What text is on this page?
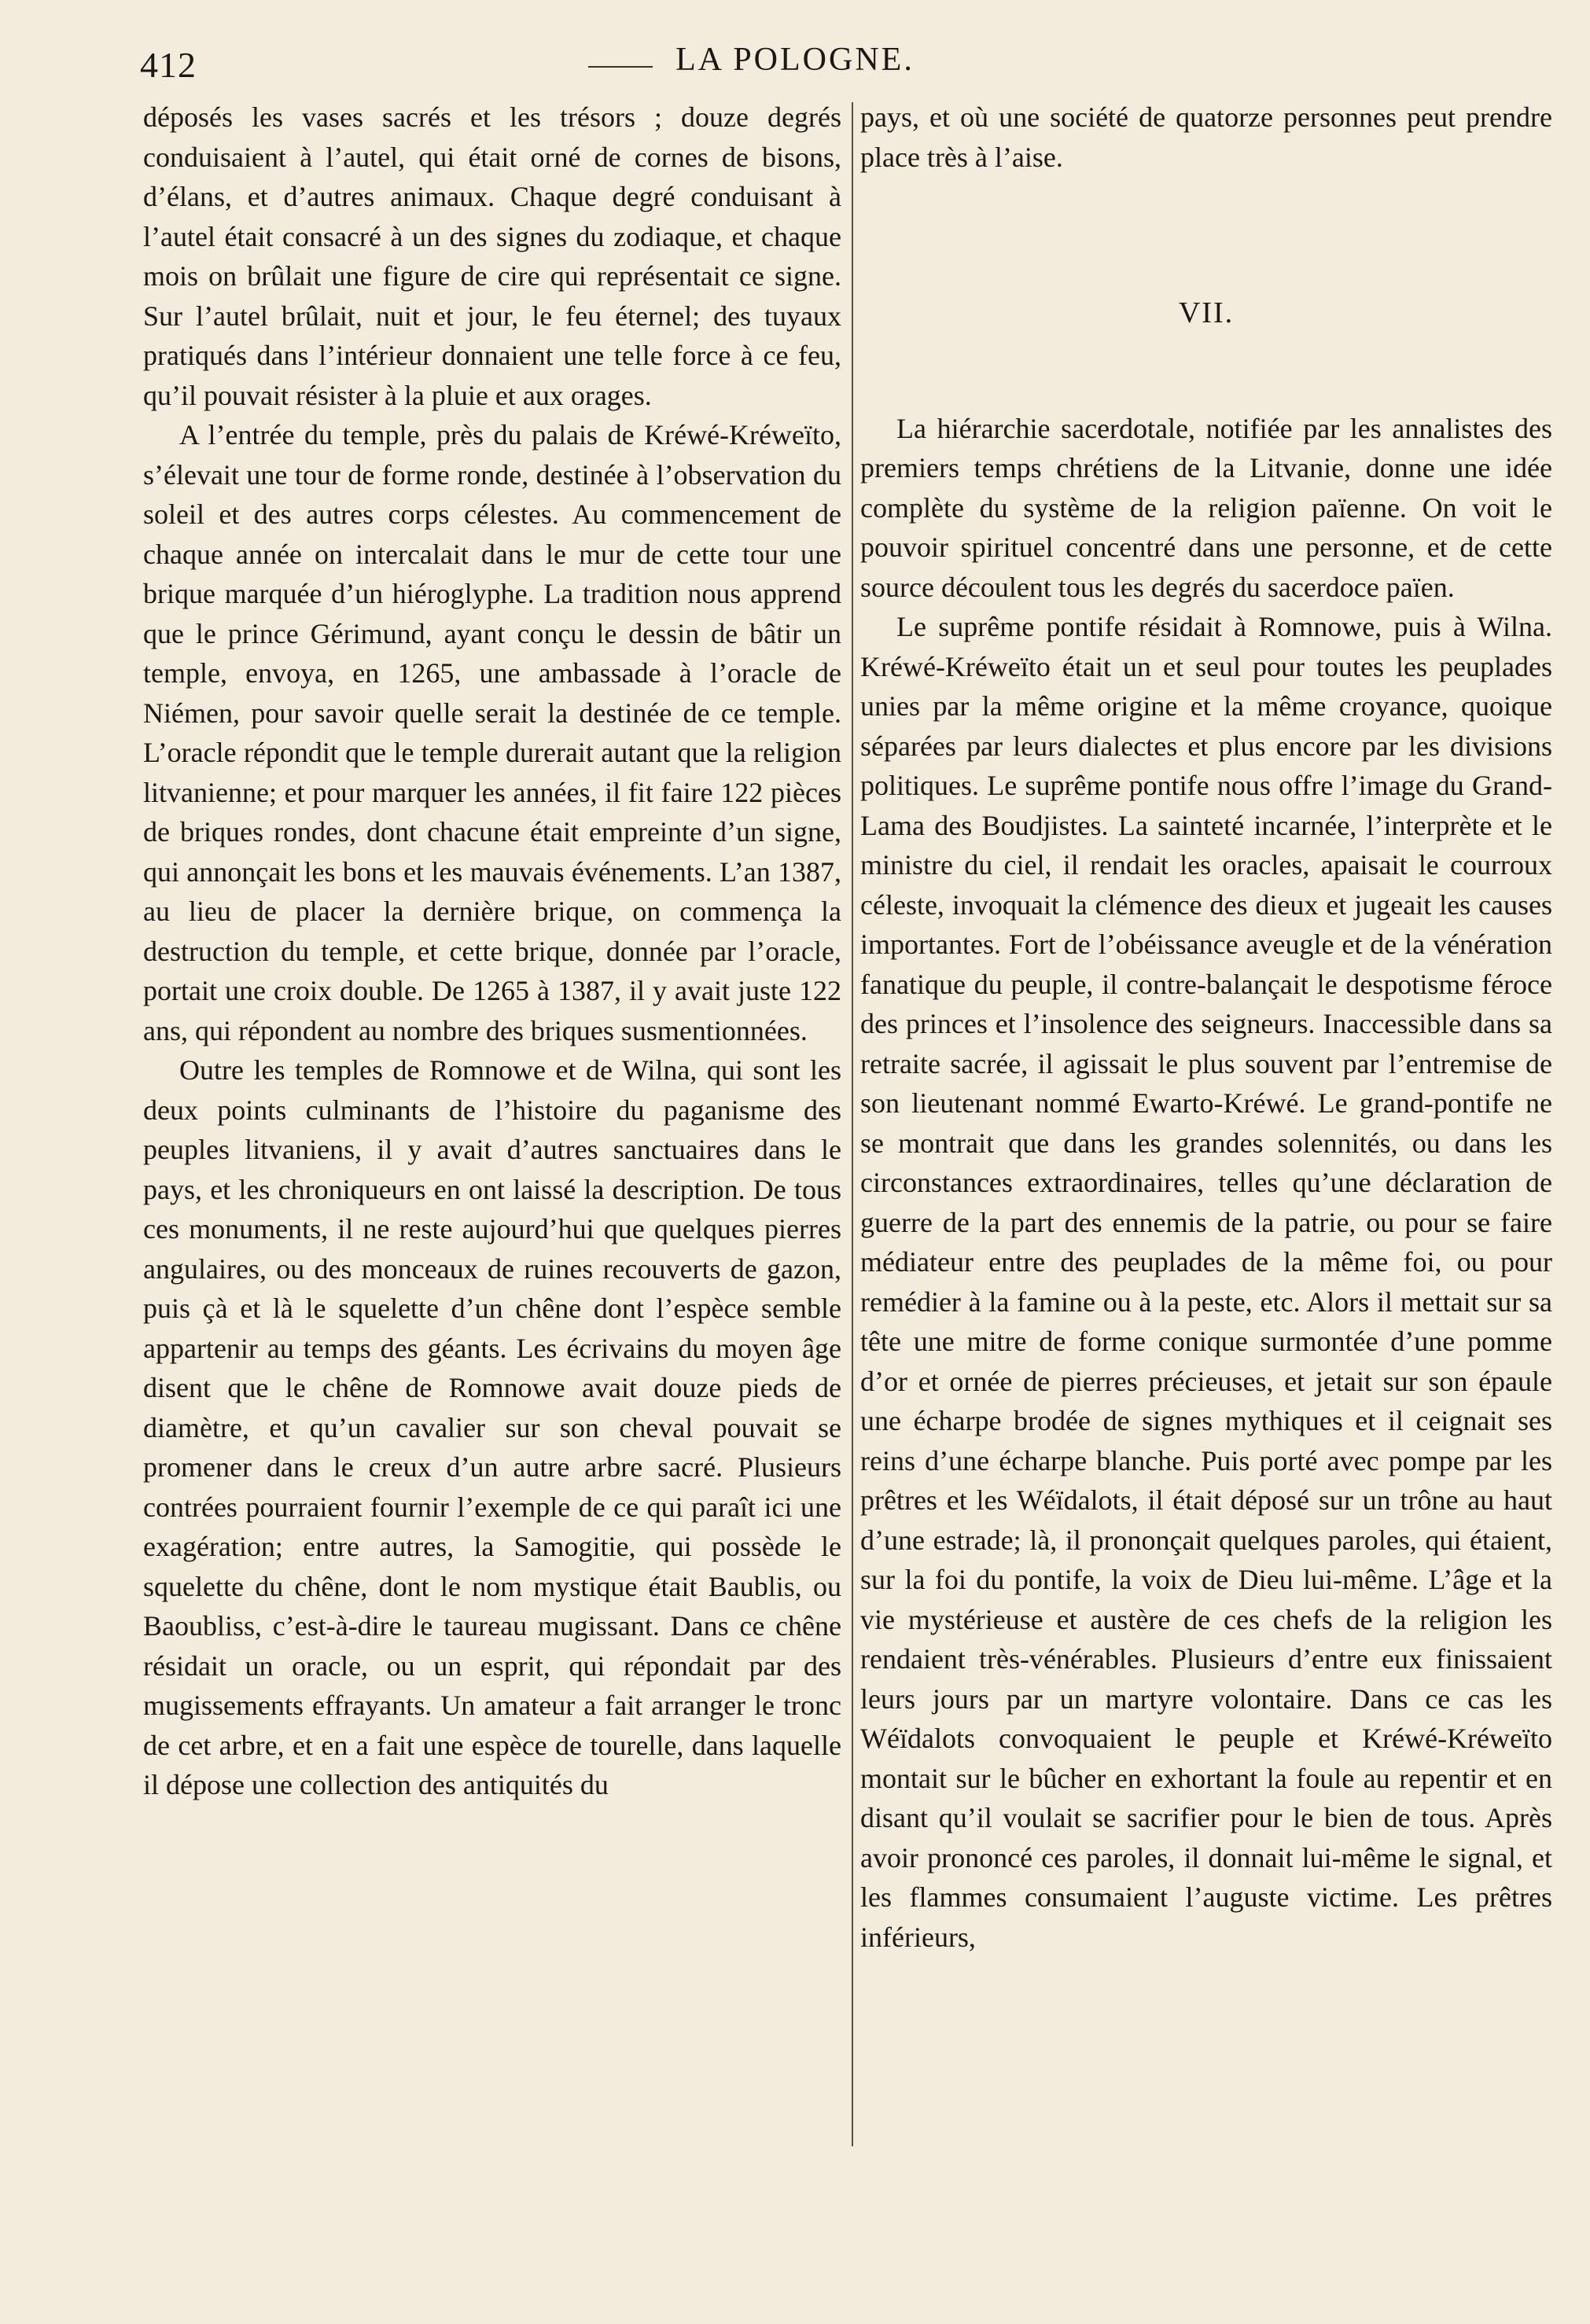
412	LA POLOGNE.

déposés les vases sacrés et les trésors ; douze degrés conduisaient à l’autel, qui était orné de cornes de bisons, d’élans, et d’autres animaux. Chaque degré conduisant à l’autel était consacré à un des signes du zodiaque, et chaque mois on brûlait une figure de cire qui représentait ce signe. Sur l’autel brûlait, nuit et jour, le feu éternel; des tuyaux pratiqués dans l’intérieur donnaient une telle force à ce feu, qu’il pouvait résister à la pluie et aux orages.

A l’entrée du temple, près du palais de Kréwé-Kréweïto, s’élevait une tour de forme ronde, destinée à l’observation du soleil et des autres corps célestes. Au commencement de chaque année on intercalait dans le mur de cette tour une brique marquée d’un hiéroglyphe. La tradition nous apprend que le prince Gérimund, ayant conçu le dessin de bâtir un temple, envoya, en 1265, une ambassade à l’oracle de Niémen, pour savoir quelle serait la destinée de ce temple. L’oracle répondit que le temple durerait autant que la religion litvanienne; et pour marquer les années, il fit faire 122 pièces de briques rondes, dont chacune était empreinte d’un signe, qui annonçait les bons et les mauvais événements. L’an 1387, au lieu de placer la dernière brique, on commença la destruction du temple, et cette brique, donnée par l’oracle, portait une croix double. De 1265 à 1387, il y avait juste 122 ans, qui répondent au nombre des briques susmentionnées.

Outre les temples de Romnowe et de Wilna, qui sont les deux points culminants de l’histoire du paganisme des peuples litvaniens, il y avait d’autres sanctuaires dans le pays, et les chroniqueurs en ont laissé la description. De tous ces monuments, il ne reste aujourd’hui que quelques pierres angulaires, ou des monceaux de ruines recouverts de gazon, puis çà et là le squelette d’un chêne dont l’espèce semble appartenir au temps des géants. Les écrivains du moyen âge disent que le chêne de Romnowe avait douze pieds de diamètre, et qu’un cavalier sur son cheval pouvait se promener dans le creux d’un autre arbre sacré. Plusieurs contrées pourraient fournir l’exemple de ce qui paraît ici une exagération; entre autres, la Samogitie, qui possède le squelette du chêne, dont le nom mystique était Baublis, ou Baoubliss, c’est-à-dire le taureau mugissant. Dans ce chêne résidait un oracle, ou un esprit, qui répondait par des mugissements effrayants. Un amateur a fait arranger le tronc de cet arbre, et en a fait une espèce de tourelle, dans laquelle il dépose une collection des antiquités du

pays, et où une société de quatorze personnes peut prendre place très à l’aise.

VII.

La hiérarchie sacerdotale, notifiée par les annalistes des premiers temps chrétiens de la Litvanie, donne une idée complète du système de la religion païenne. On voit le pouvoir spirituel concentré dans une personne, et de cette source découlent tous les degrés du sacerdoce païen.

Le suprême pontife résidait à Romnowe, puis à Wilna. Kréwé-Kréweïto était un et seul pour toutes les peuplades unies par la même origine et la même croyance, quoique séparées par leurs dialectes et plus encore par les divisions politiques. Le suprême pontife nous offre l’image du Grand-Lama des Boudjistes. La sainteté incarnée, l’interprète et le ministre du ciel, il rendait les oracles, apaisait le courroux céleste, invoquait la clémence des dieux et jugeait les causes importantes. Fort de l’obéissance aveugle et de la vénération fanatique du peuple, il contre-balançait le despotisme féroce des princes et l’insolence des seigneurs. Inaccessible dans sa retraite sacrée, il agissait le plus souvent par l’entremise de son lieutenant nommé Ewarto-Kréwé. Le grand-pontife ne se montrait que dans les grandes solennités, ou dans les circonstances extraordinaires, telles qu’une déclaration de guerre de la part des ennemis de la patrie, ou pour se faire médiateur entre des peuplades de la même foi, ou pour remédier à la famine ou à la peste, etc. Alors il mettait sur sa tête une mitre de forme conique surmontée d’une pomme d’or et ornée de pierres précieuses, et jetait sur son épaule une écharpe brodée de signes mythiques et il ceignait ses reins d’une écharpe blanche. Puis porté avec pompe par les prêtres et les Wéïdalots, il était déposé sur un trône au haut d’une estrade; là, il prononçait quelques paroles, qui étaient, sur la foi du pontife, la voix de Dieu lui-même. L’âge et la vie mystérieuse et austère de ces chefs de la religion les rendaient très-vénérables. Plusieurs d’entre eux finissaient leurs jours par un martyre volontaire. Dans ce cas les Wéïdalots convoquaient le peuple et Kréwé-Kréweïto montait sur le bûcher en exhortant la foule au repentir et en disant qu’il voulait se sacrifier pour le bien de tous. Après avoir prononcé ces paroles, il donnait lui-même le signal, et les flammes consumaient l’auguste victime. Les prêtres inférieurs,
